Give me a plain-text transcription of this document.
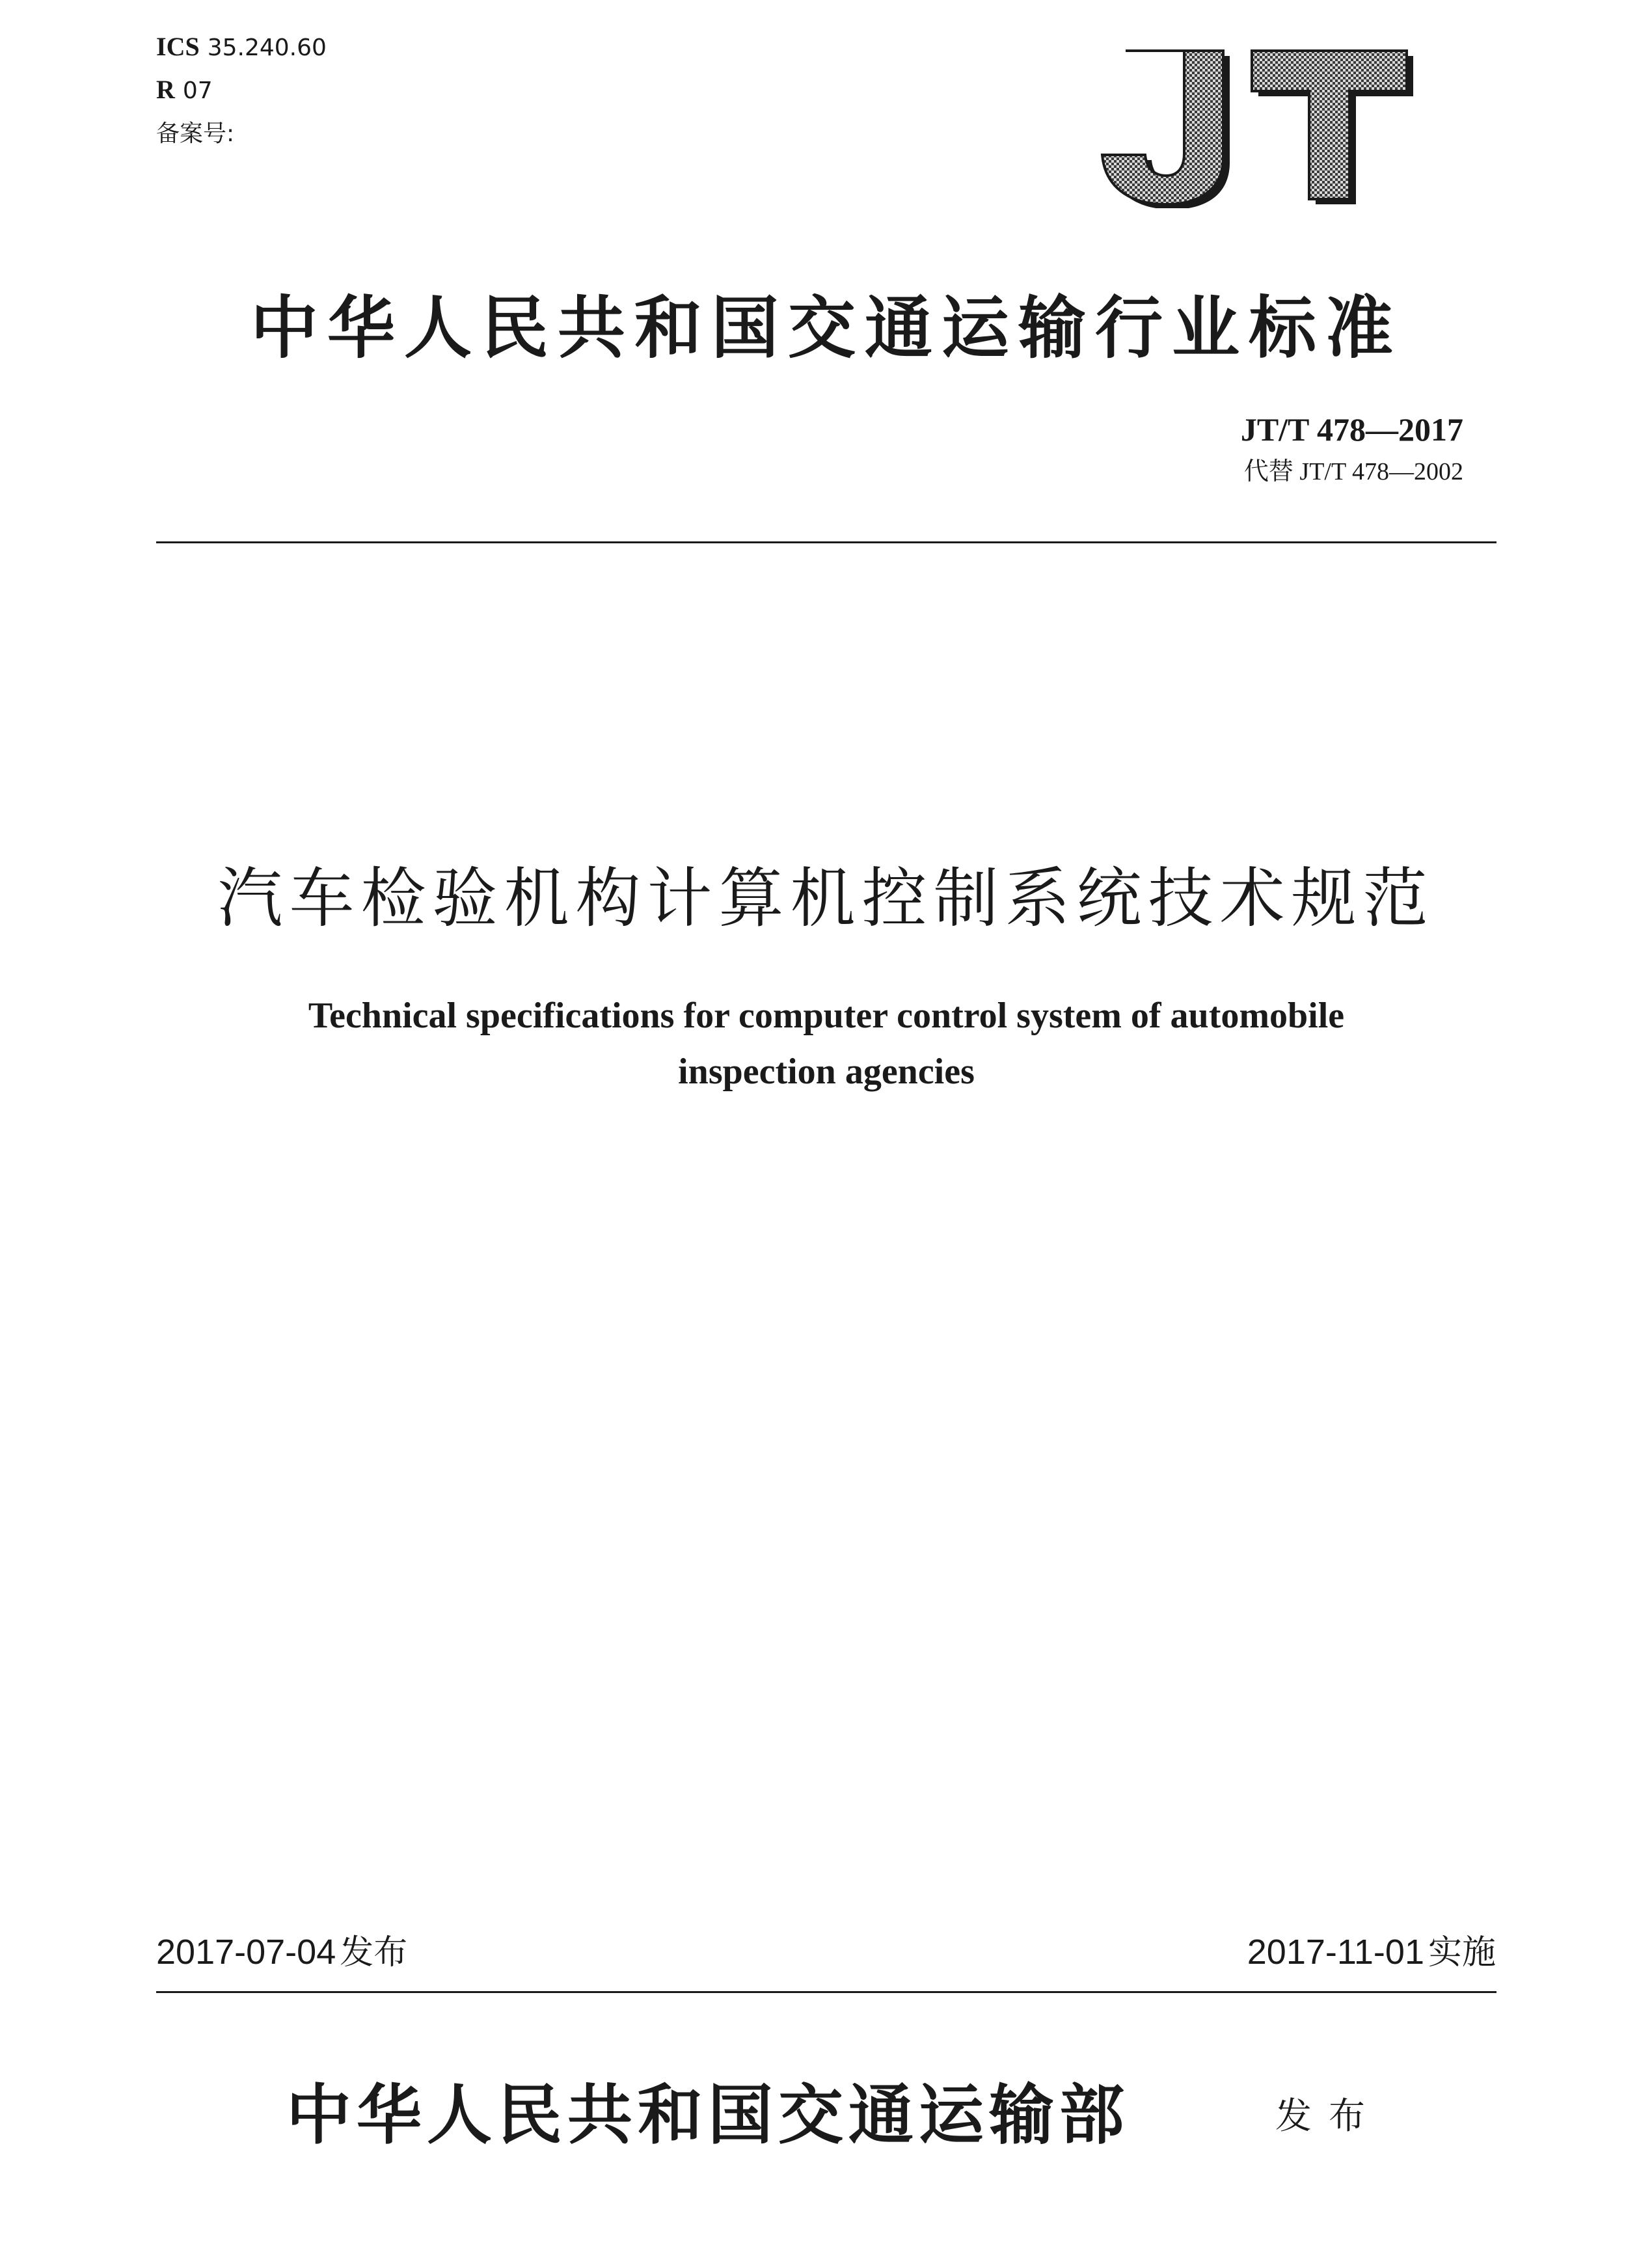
ICS 35.240.60
R 07
备案号:
中华人民共和国交通运输行业标准
JT/T 478—2017
代替 JT/T 478—2002
汽车检验机构计算机控制系统技术规范
Technical specifications for computer control system of automobile
inspection agencies
2017-07-04 发布	2017-11-01 实施
中华人民共和国交通运输部	发布
